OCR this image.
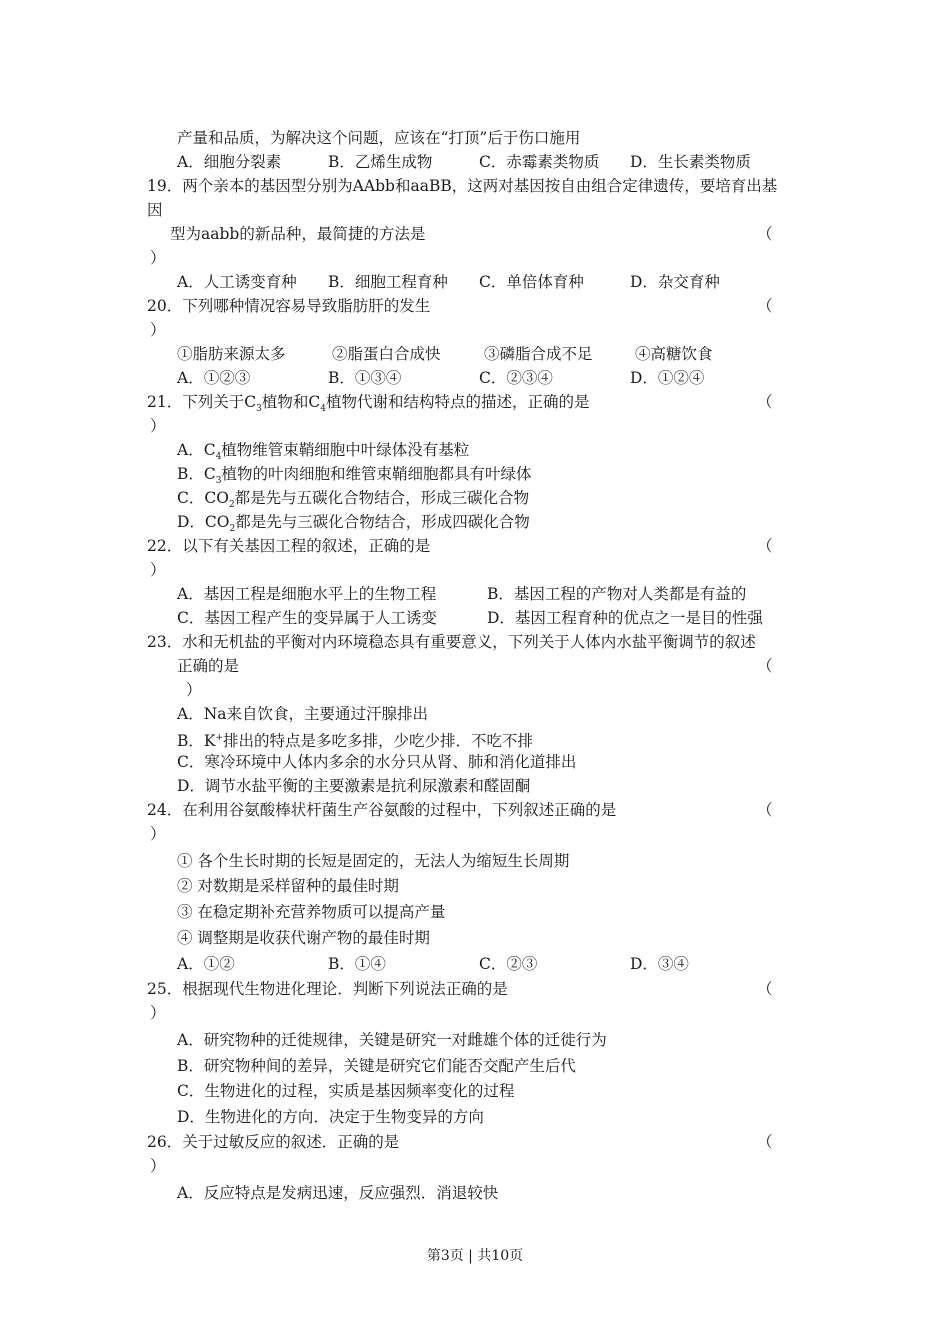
产量和品质，为解决这个问题，应该在“打顶”后于伤口施用
A．细胞分裂素	B．乙烯生成物	C．赤霉素类物质 D．生长素类物质
19．两个亲本的基因型分别为AAbb和aaBB，这两对基因按自由组合定律遗传，要培育出基
因
型为aabb的新品种，最简捷的方法是	（
）
A．人工诱变育种 B．细胞工程育种 C．单倍体育种	D．杂交育种
20．下列哪种情况容易导致脂肪肝的发生	（
）
①脂肪来源太多	②脂蛋白合成快	③磷脂合成不足	④高糖饮食
A．①②③	B．①③④	C．②③④	D．①②④
21．下列关于$C_3$植物和$C_4$植物代谢和结构特点的描述，正确的是	（
）
A．$C_4$植物维管束鞘细胞中叶绿体没有基粒
B．$C_3$植物的叶肉细胞和维管束鞘细胞都具有叶绿体
C．$CO_2$都是先与五碳化合物结合，形成三碳化合物
D．$CO_2$都是先与三碳化合物结合，形成四碳化合物
22．以下有关基因工程的叙述，正确的是	（
）
A．基因工程是细胞水平上的生物工程	B．基因工程的产物对人类都是有益的
C．基因工程产生的变异属于人工诱变	D．基因工程育种的优点之一是目的性强
23．水和无机盐的平衡对内环境稳态具有重要意义，下列关于人体内水盐平衡调节的叙述
正确的是	（
）
A．Na来自饮食，主要通过汗腺排出
B．K+排出的特点是多吃多排，少吃少排．不吃不排
C．寒冷环境中人体内多余的水分只从肾、肺和消化道排出
D．调节水盐平衡的主要激素是抗利尿激素和醛固酮
24．在利用谷氨酸棒状杆菌生产谷氨酸的过程中，下列叙述正确的是	（
）
① 各个生长时期的长短是固定的，无法人为缩短生长周期
② 对数期是采样留种的最佳时期
③ 在稳定期补充营养物质可以提高产量
④ 调整期是收获代谢产物的最佳时期
A．①②	B．①④	C．②③	D．③④
25．根据现代生物进化理论．判断下列说法正确的是	（
）
A．研究物种的迁徙规律，关键是研究一对雌雄个体的迁徙行为
B．研究物种间的差异，关键是研究它们能否交配产生后代
C．生物进化的过程，实质是基因频率变化的过程
D．生物进化的方向．决定于生物变异的方向
26．关于过敏反应的叙述．正确的是	（
）
A．反应特点是发病迅速，反应强烈．消退较快
第3页 | 共10页
